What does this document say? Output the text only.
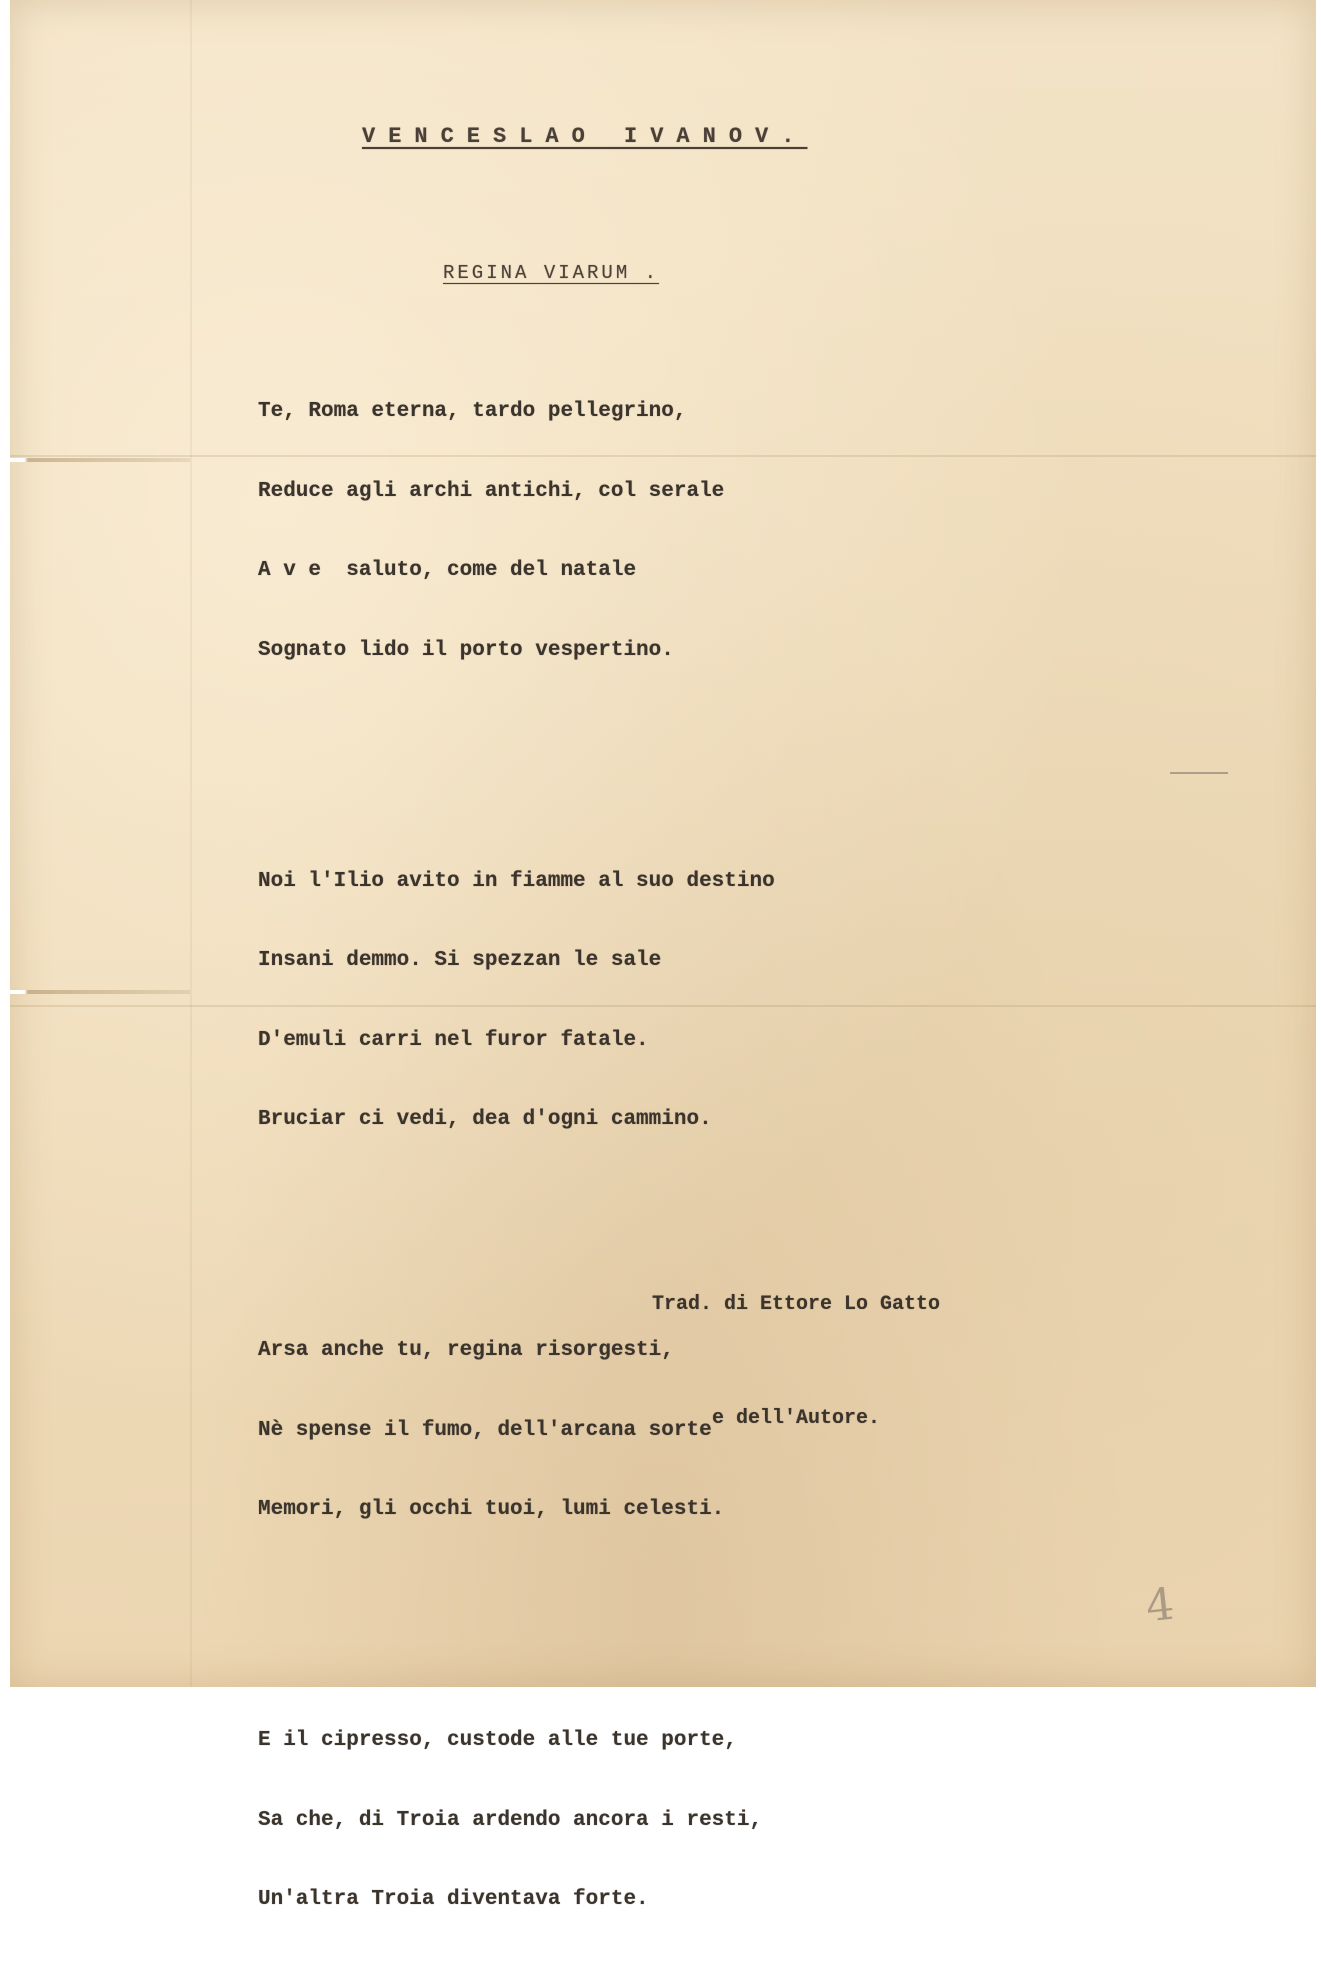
VENCESLAO IVANOV.
REGINA VIARUM .

Te, Roma eterna, tardo pellegrino,

Reduce agli archi antichi, col serale

A v e  saluto, come del natale

Sognato lido il porto vespertino.

Noi l'Ilio avito in fiamme al suo destino

Insani demmo. Si spezzan le sale

D'emuli carri nel furor fatale.

Bruciar ci vedi, dea d'ogni cammino.

Arsa anche tu, regina risorgesti,

Nè spense il fumo, dell'arcana sorte

Memori, gli occhi tuoi, lumi celesti.

E il cipresso, custode alle tue porte,

Sa che, di Troia ardendo ancora i resti,

Un'altra Troia diventava forte.

Trad. di Ettore Lo Gatto

e dell'Autore.

4
